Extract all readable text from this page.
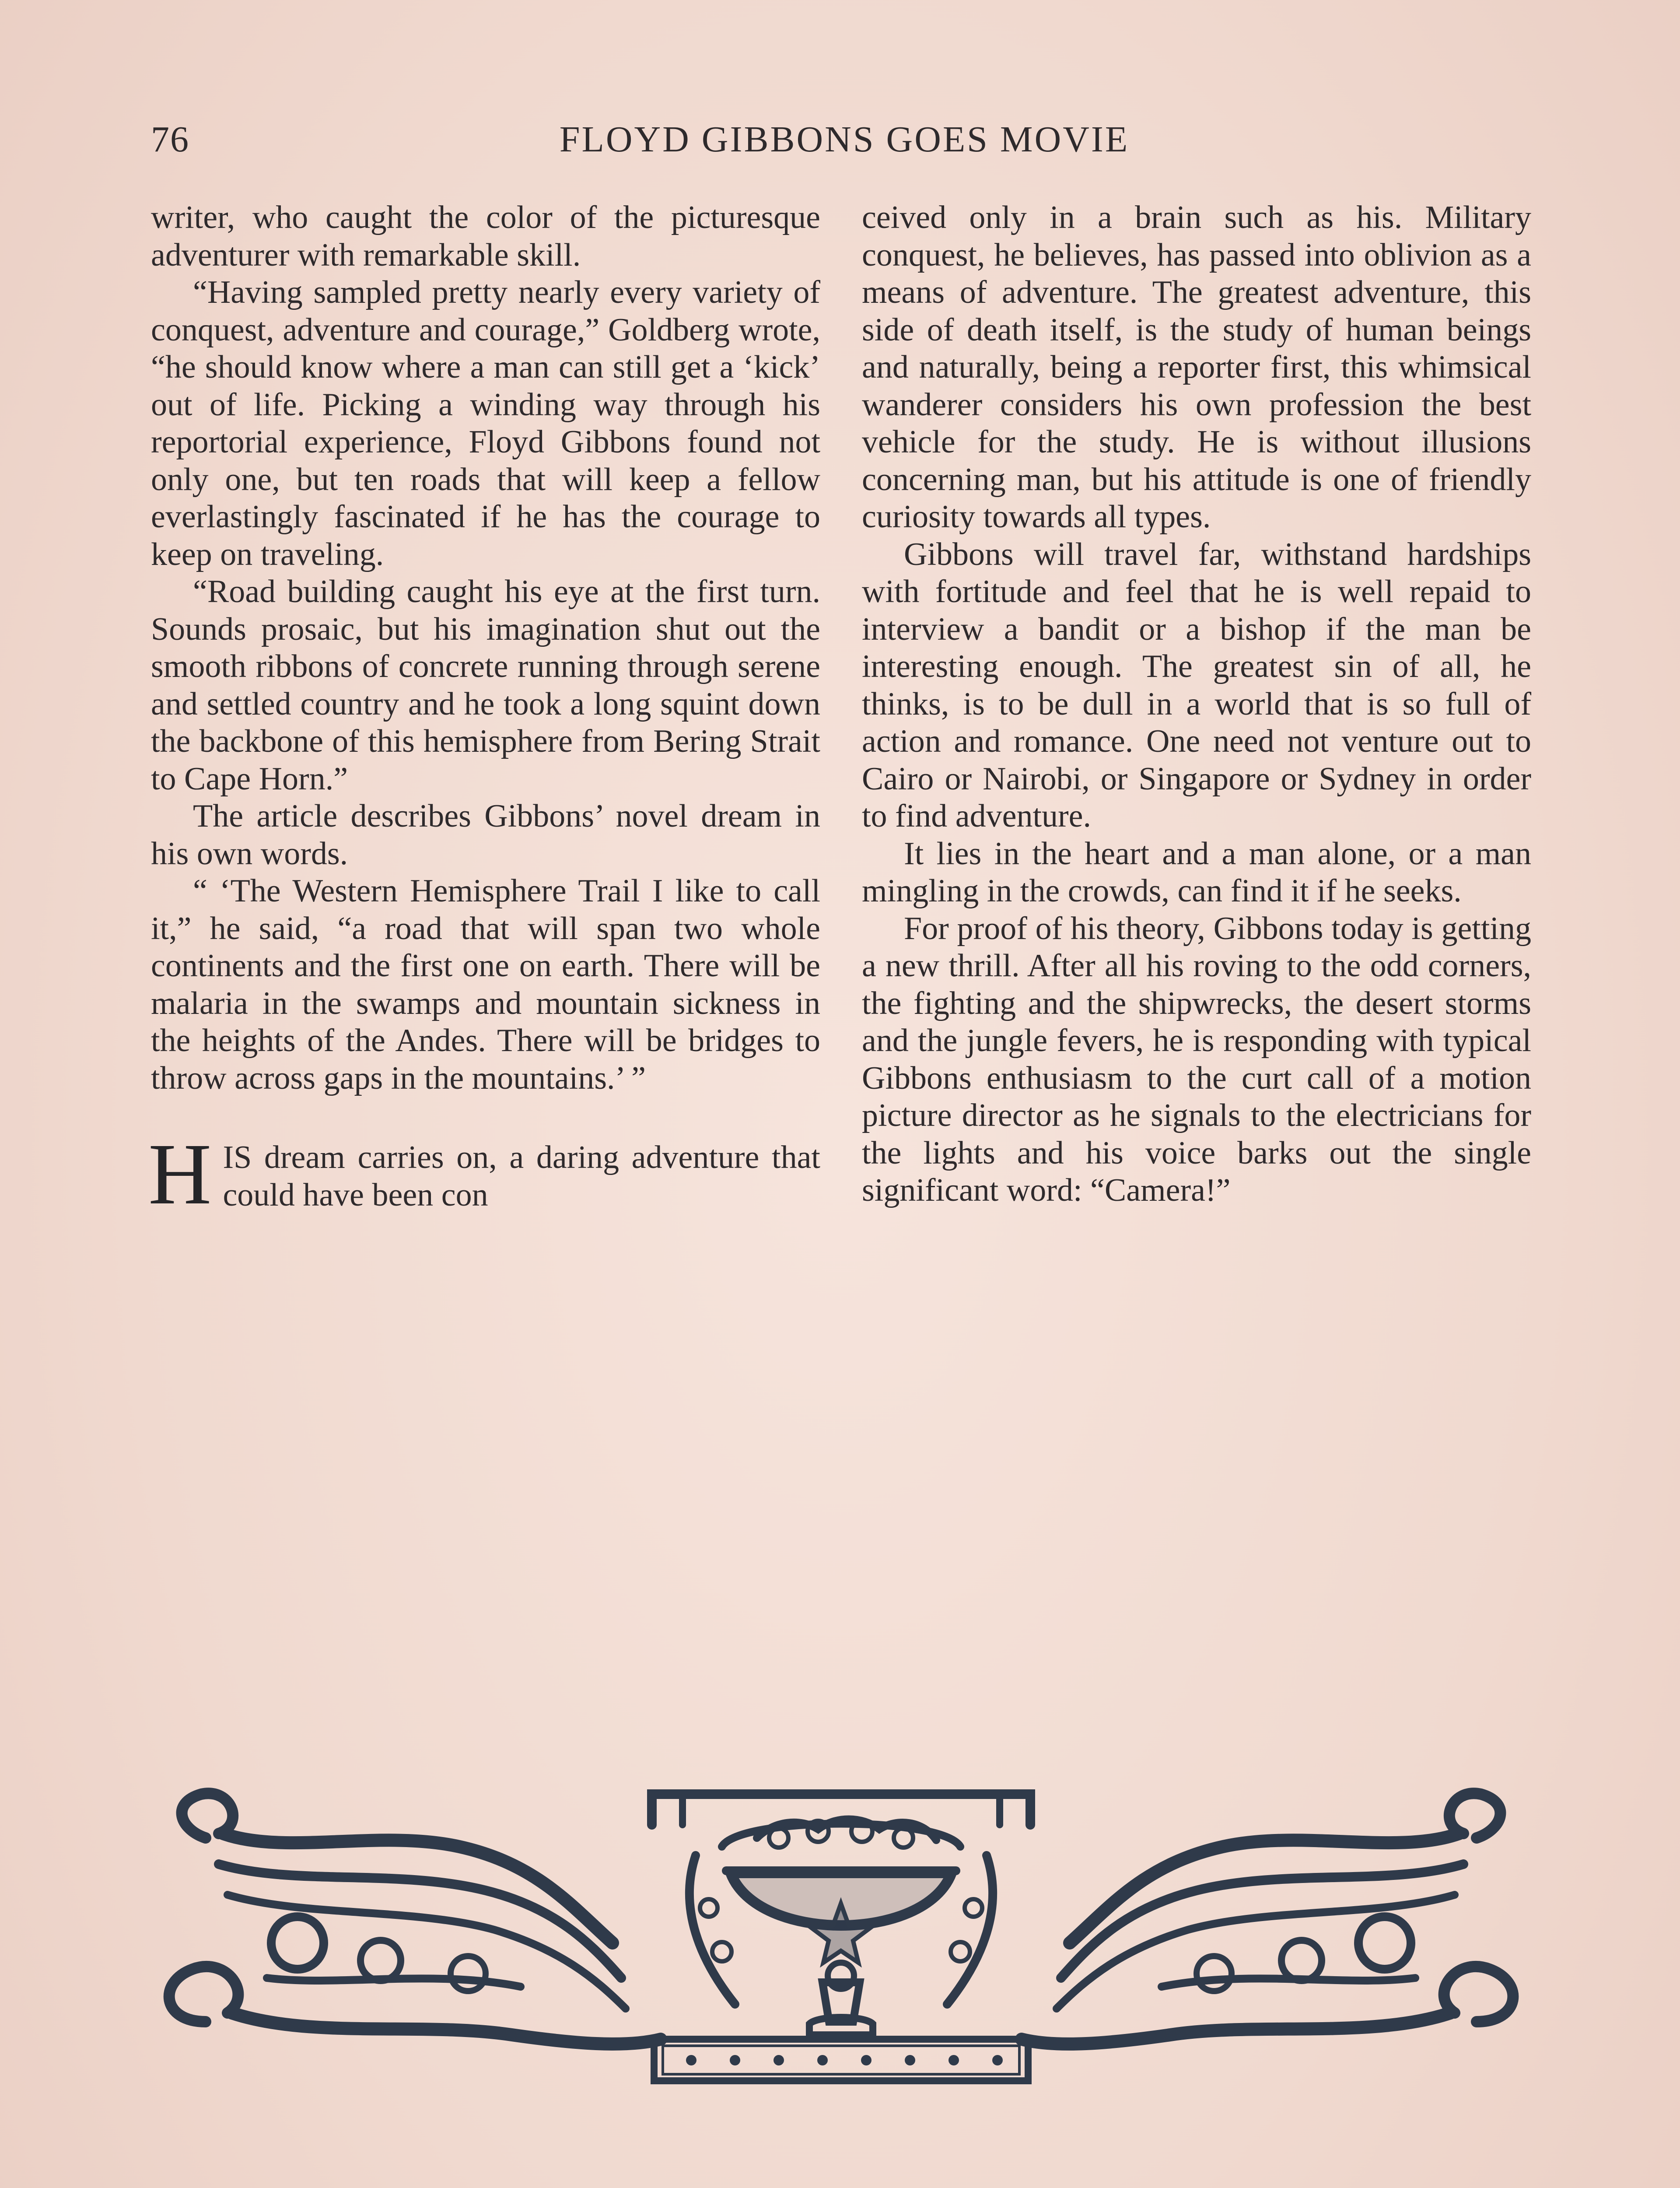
76	FLOYD GIBBONS GOES MOVIE

writer, who caught the color of the picturesque adventurer with remarkable skill.

“Having sampled pretty nearly every variety of conquest, adventure and courage,” Goldberg wrote, “he should know where a man can still get a ‘kick’ out of life. Picking a winding way through his reportorial experience, Floyd Gibbons found not only one, but ten roads that will keep a fellow everlastingly fascinated if he has the courage to keep on traveling.

“Road building caught his eye at the first turn. Sounds prosaic, but his imagination shut out the smooth ribbons of concrete running through serene and settled country and he took a long squint down the backbone of this hemisphere from Bering Strait to Cape Horn.”

The article describes Gibbons’ novel dream in his own words.

“ ‘The Western Hemisphere Trail I like to call it,” he said, “a road that will span two whole continents and the first one on earth. There will be malaria in the swamps and mountain sickness in the heights of the Andes. There will be bridges to throw across gaps in the mountains.’ ”

HIS dream carries on, a daring adventure that could have been con

ceived only in a brain such as his. Military conquest, he believes, has passed into oblivion as a means of adventure. The greatest adventure, this side of death itself, is the study of human beings and naturally, being a reporter first, this whimsical wanderer considers his own profession the best vehicle for the study. He is without illusions concerning man, but his attitude is one of friendly curiosity towards all types.

Gibbons will travel far, withstand hardships with fortitude and feel that he is well repaid to interview a bandit or a bishop if the man be interesting enough. The greatest sin of all, he thinks, is to be dull in a world that is so full of action and romance. One need not venture out to Cairo or Nairobi, or Singapore or Sydney in order to find adventure.

It lies in the heart and a man alone, or a man mingling in the crowds, can find it if he seeks.

For proof of his theory, Gibbons today is getting a new thrill. After all his roving to the odd corners, the fighting and the shipwrecks, the desert storms and the jungle fevers, he is responding with typical Gibbons enthusiasm to the curt call of a motion picture director as he signals to the electricians for the lights and his voice barks out the single significant word: “Camera!”
